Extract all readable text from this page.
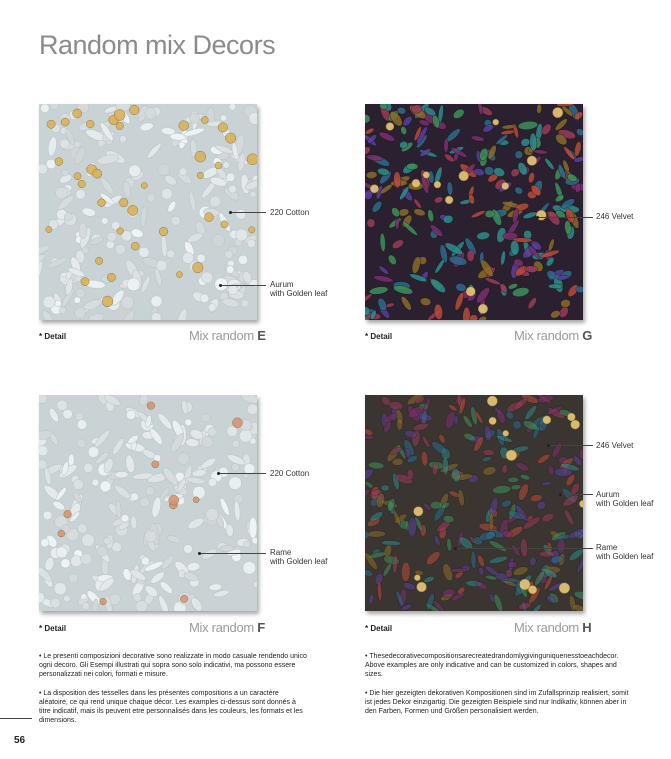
Random mix Decors
220 Cotton
Aurum
with Golden leaf
* Detail	Mix random E
246 Velvet
* Detail	Mix random G
220 Cotton
Rame
with Golden leaf
* Detail	Mix random F
246 Velvet
Aurum
with Golden leaf
Rame
with Golden leaf
* Detail	Mix random H
• Le presenti composizioni decorative sono realizzate in modo casuale rendendo unico ogni decoro. Gli Esempi illustrati qui sopra sono solo indicativi, ma possono essere personalizzati nei colori, formati e misure.
• La disposition des tesselles dans les présentes compositions a un caractère aléatoire, ce qui rend unique chaque décor. Les examples ci-dessus sont donnés à titre indicatif, mais ils peuvent etre personnalisés dans les couleurs, les formats et les dimensions.
• Thesedecorativecompositionsarecreatedrandomlygivinguniquenesstoeachdecor. Above examples are only indicative and can be customized in colors, shapes and sizes.
• Die hier gezeigten dekorativen Kompositionen sind im Zufallsprinzip realisiert, somit ist jedes Dekor einzigartig. Die gezeigten Beispiele sind nur Indikativ, können aber in den Farben, Formen und Größen personalisiert werden.
56
